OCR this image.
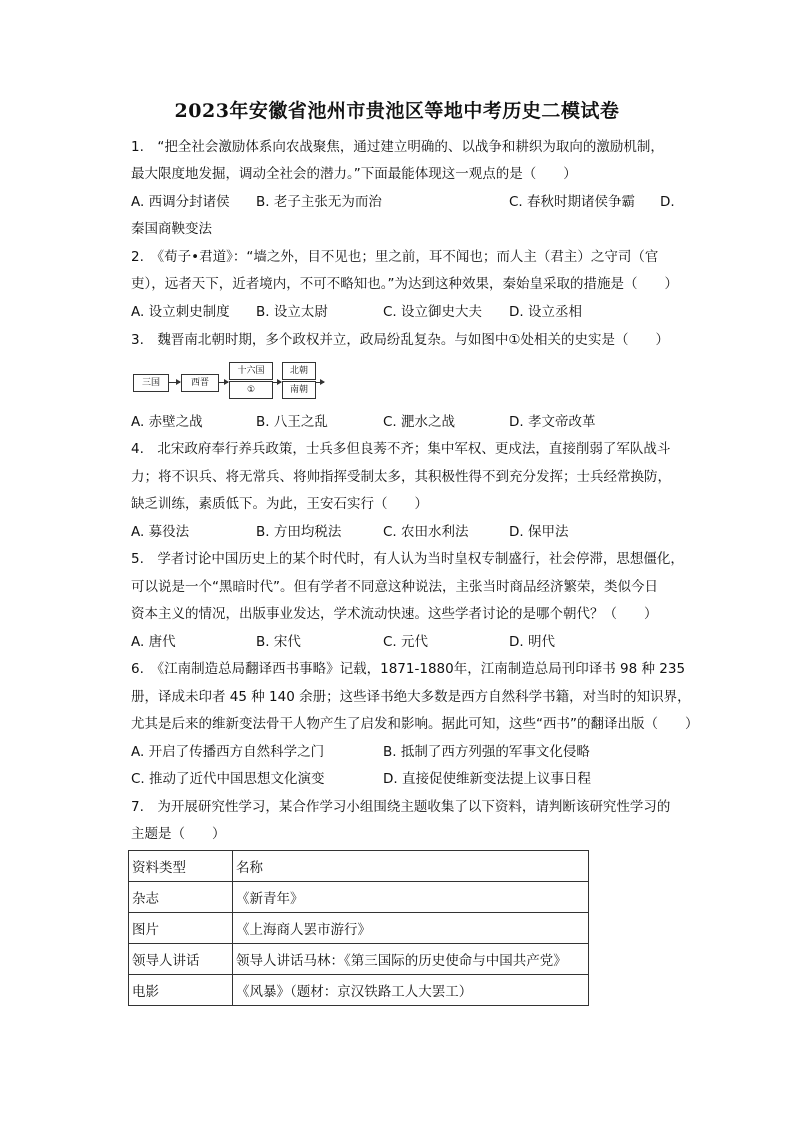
2023年安徽省池州市贵池区等地中考历史二模试卷
1.　“把全社会激励体系向农战聚焦，通过建立明确的、以战争和耕织为取向的激励机制，
最大限度地发掘，调动全社会的潜力。”下面最能体现这一观点的是（　　）
A. 西调分封诸侯 B. 老子主张无为而治	C. 春秋时期诸侯争霸 D.
秦国商鞅变法
2.　《荀子•君道》：“墙之外，目不见也；里之前，耳不闻也；而人主（君主）之守司（官
吏），远者天下，近者境内，不可不略知也。”为达到这种效果，秦始皇采取的措施是（　　）
A. 设立刺史制度 B. 设立太尉	C. 设立御史大夫 D. 设立丞相
3.　魏晋南北朝时期，多个政权并立，政局纷乱复杂。与如图中①处相关的史实是（　　）
三国	西晋
十六国
①
北朝
南朝
A. 赤壁之战	B. 八王之乱	C. 淝水之战	D. 孝文帝改革
4.　北宋政府奉行养兵政策，士兵多但良莠不齐；集中军权、更戍法，直接削弱了军队战斗
力；将不识兵、将无常兵、将帅指挥受制太多，其积极性得不到充分发挥；士兵经常换防，
缺乏训练，素质低下。为此，王安石实行（　　）
A. 募役法	B. 方田均税法	C. 农田水利法	D. 保甲法
5.　学者讨论中国历史上的某个时代时，有人认为当时皇权专制盛行，社会停滞，思想僵化，
可以说是一个“黑暗时代”。但有学者不同意这种说法，主张当时商品经济繁荣，类似今日
资本主义的情况，出版事业发达，学术流动快速。这些学者讨论的是哪个朝代？（　　）
A. 唐代	B. 宋代	C. 元代	D. 明代
6.　《江南制造总局翻译西书事略》记载，1871-1880年，江南制造总局刊印译书 98 种 235
册，译成未印者 45 种 140 余册；这些译书绝大多数是西方自然科学书籍，对当时的知识界，
尤其是后来的维新变法骨干人物产生了启发和影响。据此可知，这些“西书”的翻译出版（　　）
A. 开启了传播西方自然科学之门	B. 抵制了西方列强的军事文化侵略
C. 推动了近代中国思想文化演变	D. 直接促使维新变法提上议事日程
7.　为开展研究性学习，某合作学习小组围绕主题收集了以下资料，请判断该研究性学习的
主题是（　　）
资料类型	名称
杂志	《新青年》
图片	《上海商人罢市游行》
领导人讲话	领导人讲话马林：《第三国际的历史使命与中国共产党》
电影	《风暴》（题材：京汉铁路工人大罢工）
